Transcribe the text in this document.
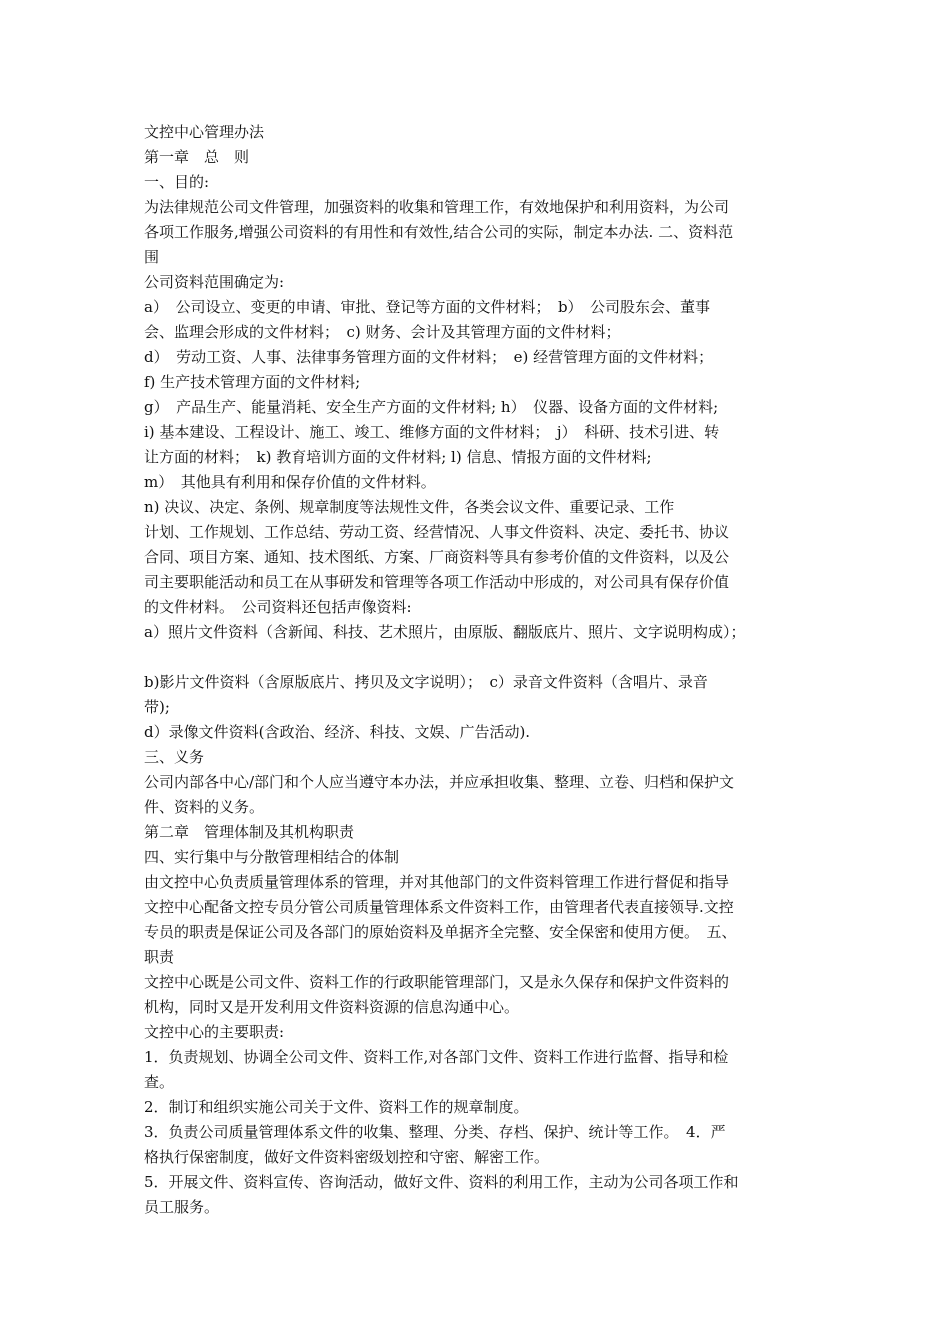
文控中心管理办法
第一章　总　则
一、目的:
为法律规范公司文件管理，加强资料的收集和管理工作，有效地保护和利用资料，为公司
各项工作服务,增强公司资料的有用性和有效性,结合公司的实际，制定本办法. 二、资料范
围
公司资料范围确定为:
a）　公司设立、变更的申请、审批、登记等方面的文件材料；　b）　公司股东会、董事
会、监理会形成的文件材料；　c) 财务、会计及其管理方面的文件材料；
d）　劳动工资、人事、法律事务管理方面的文件材料；　e) 经营管理方面的文件材料；
f) 生产技术管理方面的文件材料;
g）　产品生产、能量消耗、安全生产方面的文件材料; h）　仪器、设备方面的文件材料;
i) 基本建设、工程设计、施工、竣工、维修方面的文件材料；　j）　科研、技术引进、转
让方面的材料；　k) 教育培训方面的文件材料; l) 信息、情报方面的文件材料;
m）　其他具有利用和保存价值的文件材料。
n) 决议、决定、条例、规章制度等法规性文件，各类会议文件、重要记录、工作
计划、工作规划、工作总结、劳动工资、经营情况、人事文件资料、决定、委托书、协议
合同、项目方案、通知、技术图纸、方案、厂商资料等具有参考价值的文件资料，以及公
司主要职能活动和员工在从事研发和管理等各项工作活动中形成的，对公司具有保存价值
的文件材料。　公司资料还包括声像资料:
a）照片文件资料（含新闻、科技、艺术照片，由原版、翻版底片、照片、文字说明构成）；
b)影片文件资料（含原版底片、拷贝及文字说明）；　c）录音文件资料（含唱片、录音
带);
d）录像文件资料(含政治、经济、科技、文娱、广告活动).
三、义务
公司内部各中心/部门和个人应当遵守本办法，并应承担收集、整理、立卷、归档和保护文
件、资料的义务。
第二章　管理体制及其机构职责
四、实行集中与分散管理相结合的体制
由文控中心负责质量管理体系的管理，并对其他部门的文件资料管理工作进行督促和指导
文控中心配备文控专员分管公司质量管理体系文件资料工作，由管理者代表直接领导.文控
专员的职责是保证公司及各部门的原始资料及单据齐全完整、安全保密和使用方便。　五、
职责
文控中心既是公司文件、资料工作的行政职能管理部门，又是永久保存和保护文件资料的
机构，同时又是开发利用文件资料资源的信息沟通中心。
文控中心的主要职责:
1．负责规划、协调全公司文件、资料工作,对各部门文件、资料工作进行监督、指导和检
查。
2．制订和组织实施公司关于文件、资料工作的规章制度。
3．负责公司质量管理体系文件的收集、整理、分类、存档、保护、统计等工作。　4．严
格执行保密制度，做好文件资料密级划控和守密、解密工作。
5．开展文件、资料宣传、咨询活动，做好文件、资料的利用工作，主动为公司各项工作和
员工服务。
